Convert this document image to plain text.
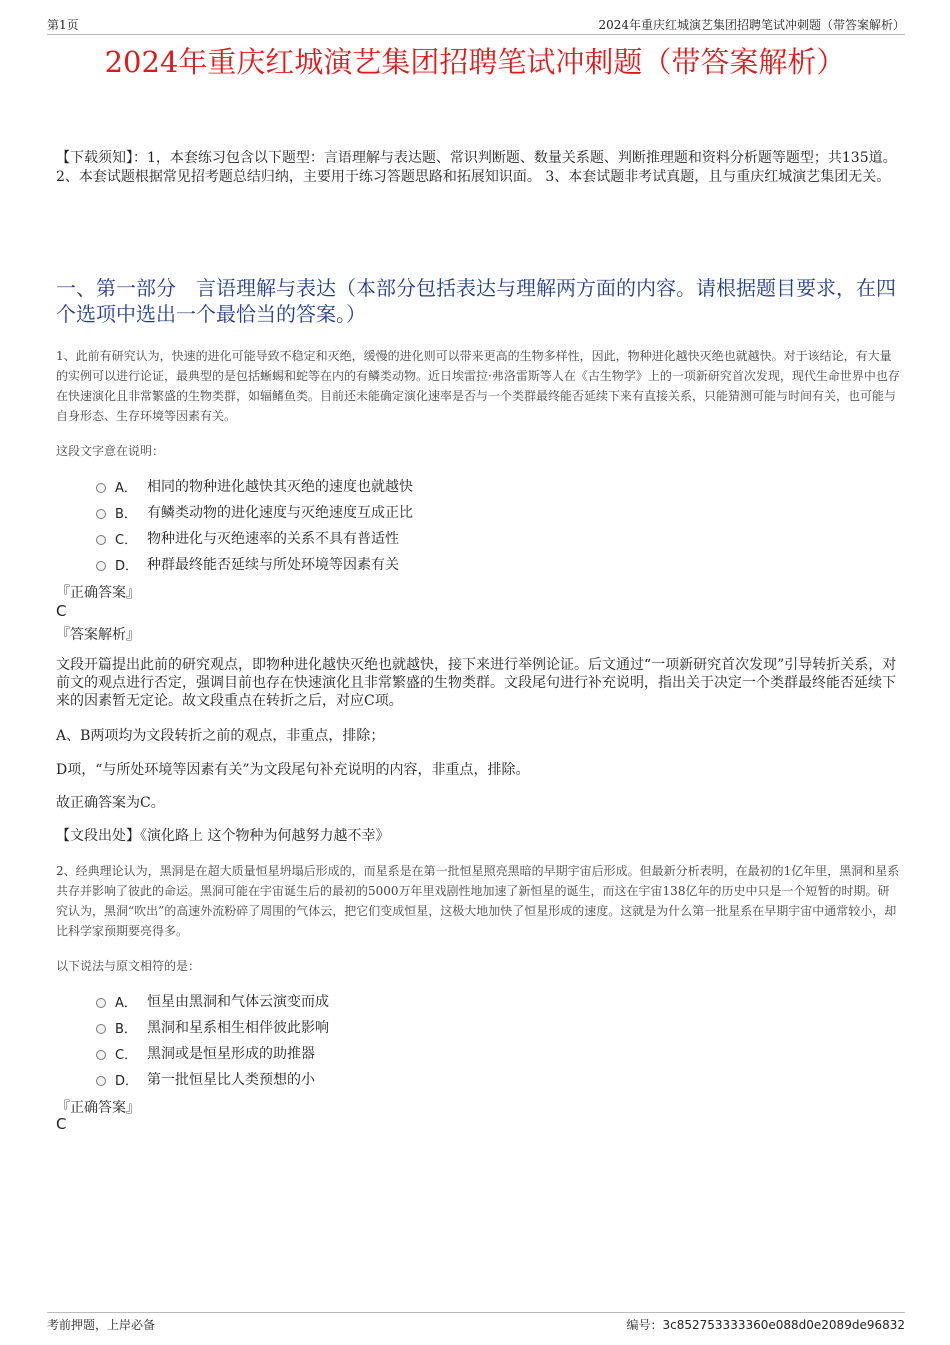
第1页	2024年重庆红城演艺集团招聘笔试冲刺题（带答案解析）
2024年重庆红城演艺集团招聘笔试冲刺题（带答案解析）
【下载须知】：1，本套练习包含以下题型：言语理解与表达题、常识判断题、数量关系题、判断推理题和资料分析题等题型；共135道。 2、本套试题根据常见招考题总结归纳，主要用于练习答题思路和拓展知识面。 3、本套试题非考试真题，且与重庆红城演艺集团无关。
一、第一部分　言语理解与表达（本部分包括表达与理解两方面的内容。请根据题目要求，在四个选项中选出一个最恰当的答案。）
1、此前有研究认为，快速的进化可能导致不稳定和灭绝，缓慢的进化则可以带来更高的生物多样性，因此，物种进化越快灭绝也就越快。对于该结论，有大量的实例可以进行论证，最典型的是包括蜥蜴和蛇等在内的有鳞类动物。近日埃雷拉·弗洛雷斯等人在《古生物学》上的一项新研究首次发现，现代生命世界中也存在快速演化且非常繁盛的生物类群，如辐鳍鱼类。目前还未能确定演化速率是否与一个类群最终能否延续下来有直接关系，只能猜测可能与时间有关，也可能与自身形态、生存环境等因素有关。
这段文字意在说明：
A． 相同的物种进化越快其灭绝的速度也就越快
B． 有鳞类动物的进化速度与灭绝速度互成正比
C． 物种进化与灭绝速率的关系不具有普适性
D． 种群最终能否延续与所处环境等因素有关
『正确答案』
C
『答案解析』
文段开篇提出此前的研究观点，即物种进化越快灭绝也就越快，接下来进行举例论证。后文通过“一项新研究首次发现”引导转折关系，对前文的观点进行否定，强调目前也存在快速演化且非常繁盛的生物类群。文段尾句进行补充说明，指出关于决定一个类群最终能否延续下来的因素暂无定论。故文段重点在转折之后，对应C项。
A、B两项均为文段转折之前的观点，非重点，排除；
D项，“与所处环境等因素有关”为文段尾句补充说明的内容，非重点，排除。
故正确答案为C。
【文段出处】《演化路上 这个物种为何越努力越不幸》
2、经典理论认为，黑洞是在超大质量恒星坍塌后形成的，而星系是在第一批恒星照亮黑暗的早期宇宙后形成。但最新分析表明，在最初的1亿年里，黑洞和星系共存并影响了彼此的命运。黑洞可能在宇宙诞生后的最初的5000万年里戏剧性地加速了新恒星的诞生，而这在宇宙138亿年的历史中只是一个短暂的时期。研究认为，黑洞“吹出”的高速外流粉碎了周围的气体云，把它们变成恒星，这极大地加快了恒星形成的速度。这就是为什么第一批星系在早期宇宙中通常较小，却比科学家预期要亮得多。
以下说法与原文相符的是：
A． 恒星由黑洞和气体云演变而成
B． 黑洞和星系相生相伴彼此影响
C． 黑洞或是恒星形成的助推器
D． 第一批恒星比人类预想的小
『正确答案』
C
考前押题，上岸必备	编号：3c852753333360e088d0e2089de96832
